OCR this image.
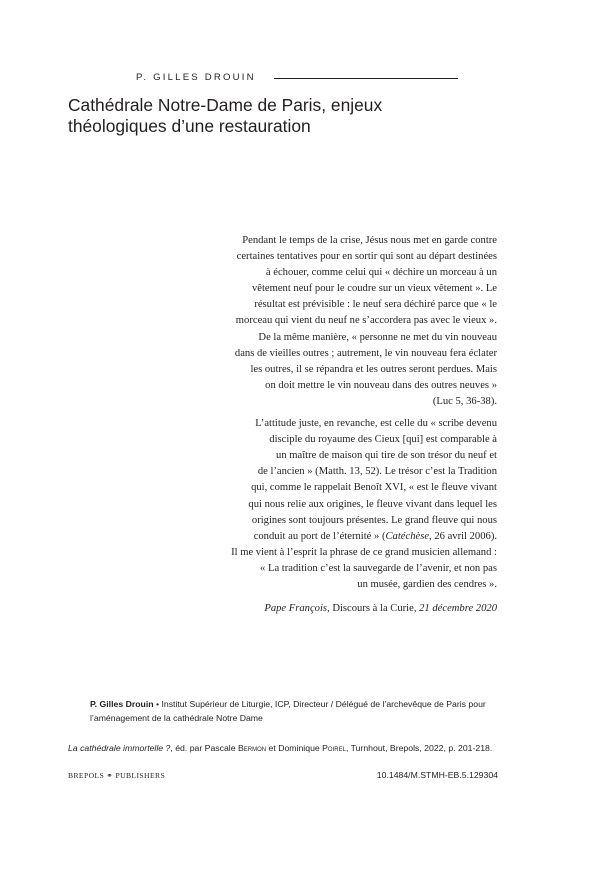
P. GILLES DROUIN
Cathédrale Notre-Dame de Paris, enjeux
théologiques d’une restauration

Pendant le temps de la crise, Jésus nous met en garde contre
certaines tentatives pour en sortir qui sont au départ destinées
à échouer, comme celui qui « déchire un morceau à un
vêtement neuf pour le coudre sur un vieux vêtement ». Le
résultat est prévisible : le neuf sera déchiré parce que « le
morceau qui vient du neuf ne s’accordera pas avec le vieux ».
De la même manière, « personne ne met du vin nouveau
dans de vieilles outres ; autrement, le vin nouveau fera éclater
les outres, il se répandra et les outres seront perdues. Mais
on doit mettre le vin nouveau dans des outres neuves »
(Luc 5, 36-38).

L’attitude juste, en revanche, est celle du « scribe devenu
disciple du royaume des Cieux [qui] est comparable à
un maître de maison qui tire de son trésor du neuf et
de l’ancien » (Matth. 13, 52). Le trésor c’est la Tradition
qui, comme le rappelait Benoît XVI, « est le fleuve vivant
qui nous relie aux origines, le fleuve vivant dans lequel les
origines sont toujours présentes. Le grand fleuve qui nous
conduit au port de l’éternité » (Catéchèse, 26 avril 2006).
Il me vient à l’esprit la phrase de ce grand musicien allemand :
« La tradition c’est la sauvegarde de l’avenir, et non pas
un musée, gardien des cendres ».

Pape François, Discours à la Curie, 21 décembre 2020

P. Gilles Drouin • Institut Supérieur de Liturgie, ICP, Directeur / Délégué de l’archevêque de Paris pour l’aménagement de la cathédrale Notre Dame
La cathédrale immortelle ?, éd. par Pascale Bermon et Dominique Poirel, Turnhout, Brepols, 2022, p. 201-218.
BREPOLS ⚭ PUBLISHERS	10.1484/M.STMH-EB.5.129304
